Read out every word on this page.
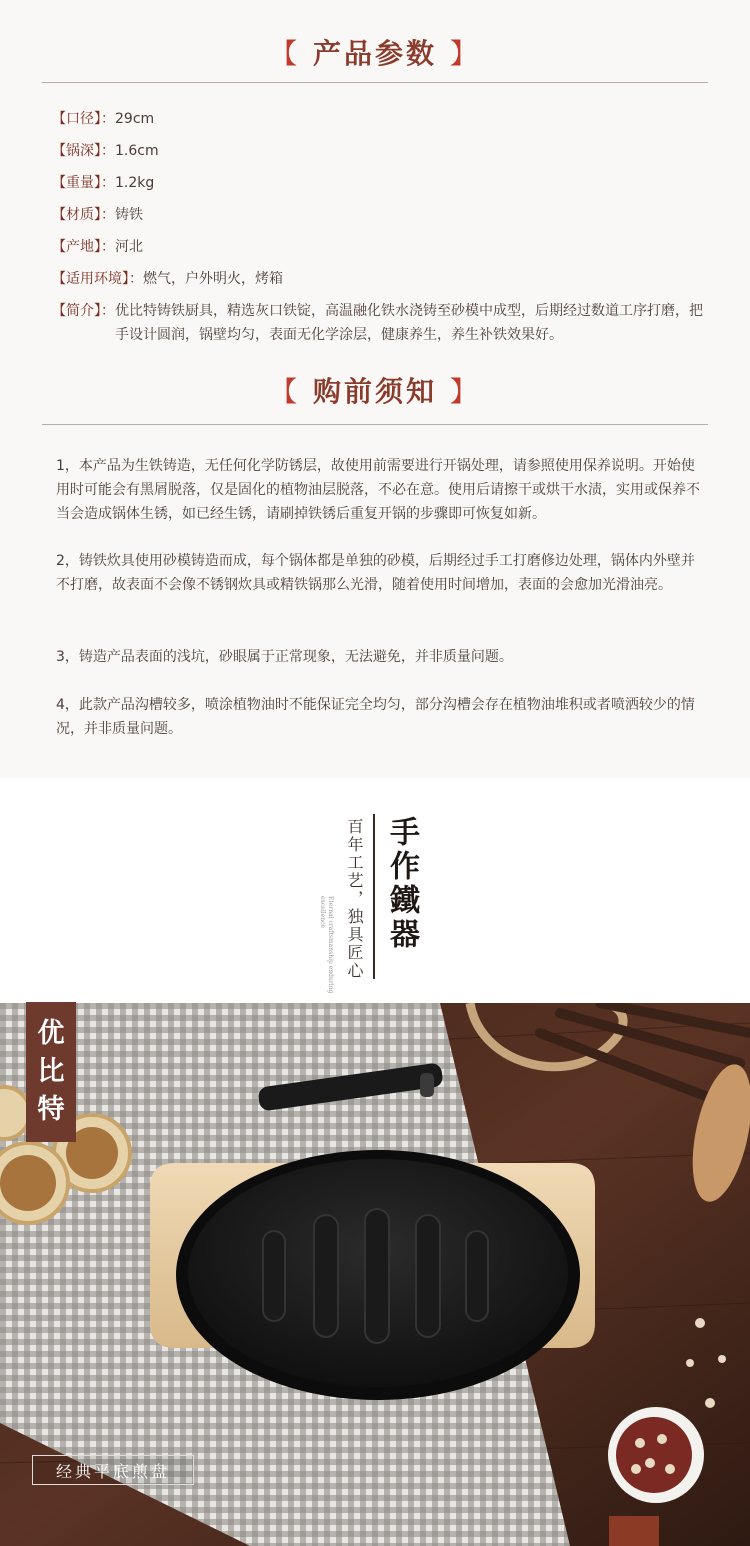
【 产品参数 】
【口径】：29cm
【锅深】：1.6cm
【重量】：1.2kg
【材质】：铸铁
【产地】：河北
【适用环境】：燃气，户外明火，烤箱
【简介】： 优比特铸铁厨具，精选灰口铁锭，高温融化铁水浇铸至砂模中成型，后期经过数道工序打磨，把手设计圆润，锅壁均匀，表面无化学涂层，健康养生，养生补铁效果好。
【 购前须知 】
1，本产品为生铁铸造，无任何化学防锈层，故使用前需要进行开锅处理，请参照使用保养说明。开始使用时可能会有黑屑脱落，仅是固化的植物油层脱落，不必在意。使用后请擦干或烘干水渍，实用或保养不当会造成锅体生锈，如已经生锈，请刷掉铁锈后重复开锅的步骤即可恢复如新。
2，铸铁炊具使用砂模铸造而成，每个锅体都是单独的砂模，后期经过手工打磨修边处理，锅体内外壁并不打磨，故表面不会像不锈钢炊具或精铁锅那么光滑，随着使用时间增加，表面的会愈加光滑油亮。
3，铸造产品表面的浅坑，砂眼属于正常现象，无法避免，并非质量问题。
4，此款产品沟槽较多，喷涂植物油时不能保证完全均匀，部分沟槽会存在植物油堆积或者喷洒较少的情况，并非质量问题。
手作鐵器
百年工艺，独具匠心
Eternal craftsmanship enduring excellence
优
比
特
经典平底煎盘
